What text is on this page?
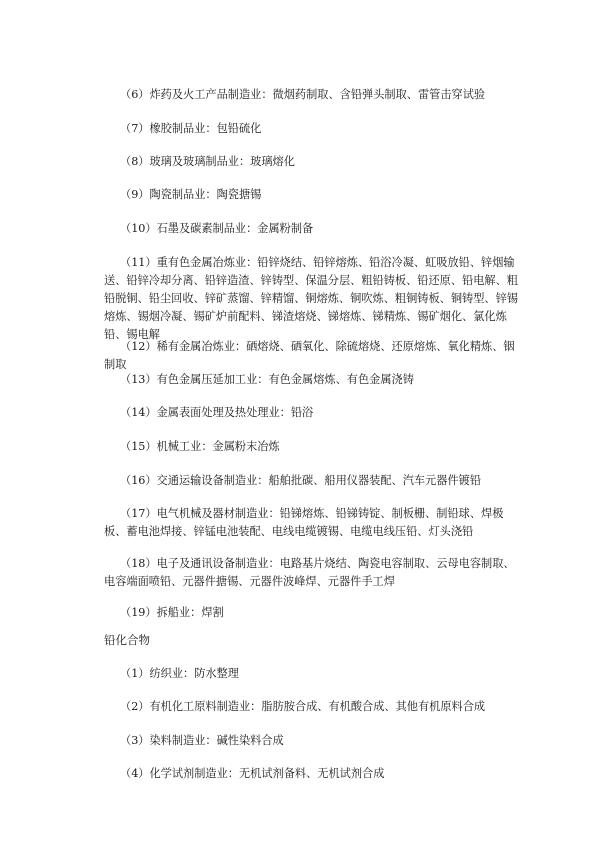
（6）炸药及火工产品制造业：微烟药制取、含铅弹头制取、雷管击穿试验

（7）橡胶制品业：包铅硫化

（8）玻璃及玻璃制品业：玻璃熔化

（9）陶瓷制品业：陶瓷搪锡

（10）石墨及碳素制品业：金属粉制备

（11）重有色金属冶炼业：铅锌烧结、铅锌熔炼、铅浴冷凝、虹吸放铅、锌烟输送、铅锌冷却分离、铅锌造渣、锌铸型、保温分层、粗铅铸板、铅还原、铅电解、粗铅脱铜、铅尘回收、锌矿蒸馏、锌精馏、铜熔炼、铜吹炼、粗铜铸板、铜铸型、锌锡熔炼、锡烟冷凝、锡矿炉前配料、锑渣熔烧、锑熔炼、锑精炼、锡矿烟化、氯化炼铅、锡电解

（12）稀有金属冶炼业：硒熔烧、硒氧化、除硫熔烧、还原熔炼、氧化精炼、铟制取

（13）有色金属压延加工业：有色金属熔炼、有色金属浇铸

（14）金属表面处理及热处理业：铅浴

（15）机械工业：金属粉末冶炼

（16）交通运输设备制造业：船舶批碳、船用仪器装配、汽车元器件镀铅

（17）电气机械及器材制造业：铅锑熔炼、铅锑铸锭、制板栅、制铅球、焊极板、蓄电池焊接、锌锰电池装配、电线电缆镀锡、电缆电线压铅、灯头浇铅

（18）电子及通讯设备制造业：电路基片烧结、陶瓷电容制取、云母电容制取、电容端面喷铅、元器件搪锡、元器件波峰焊、元器件手工焊

（19）拆船业：焊割

铅化合物

（1）纺织业：防水整理

（2）有机化工原料制造业：脂肪胺合成、有机酸合成、其他有机原料合成

（3）染料制造业：碱性染料合成

（4）化学试剂制造业：无机试剂备料、无机试剂合成
